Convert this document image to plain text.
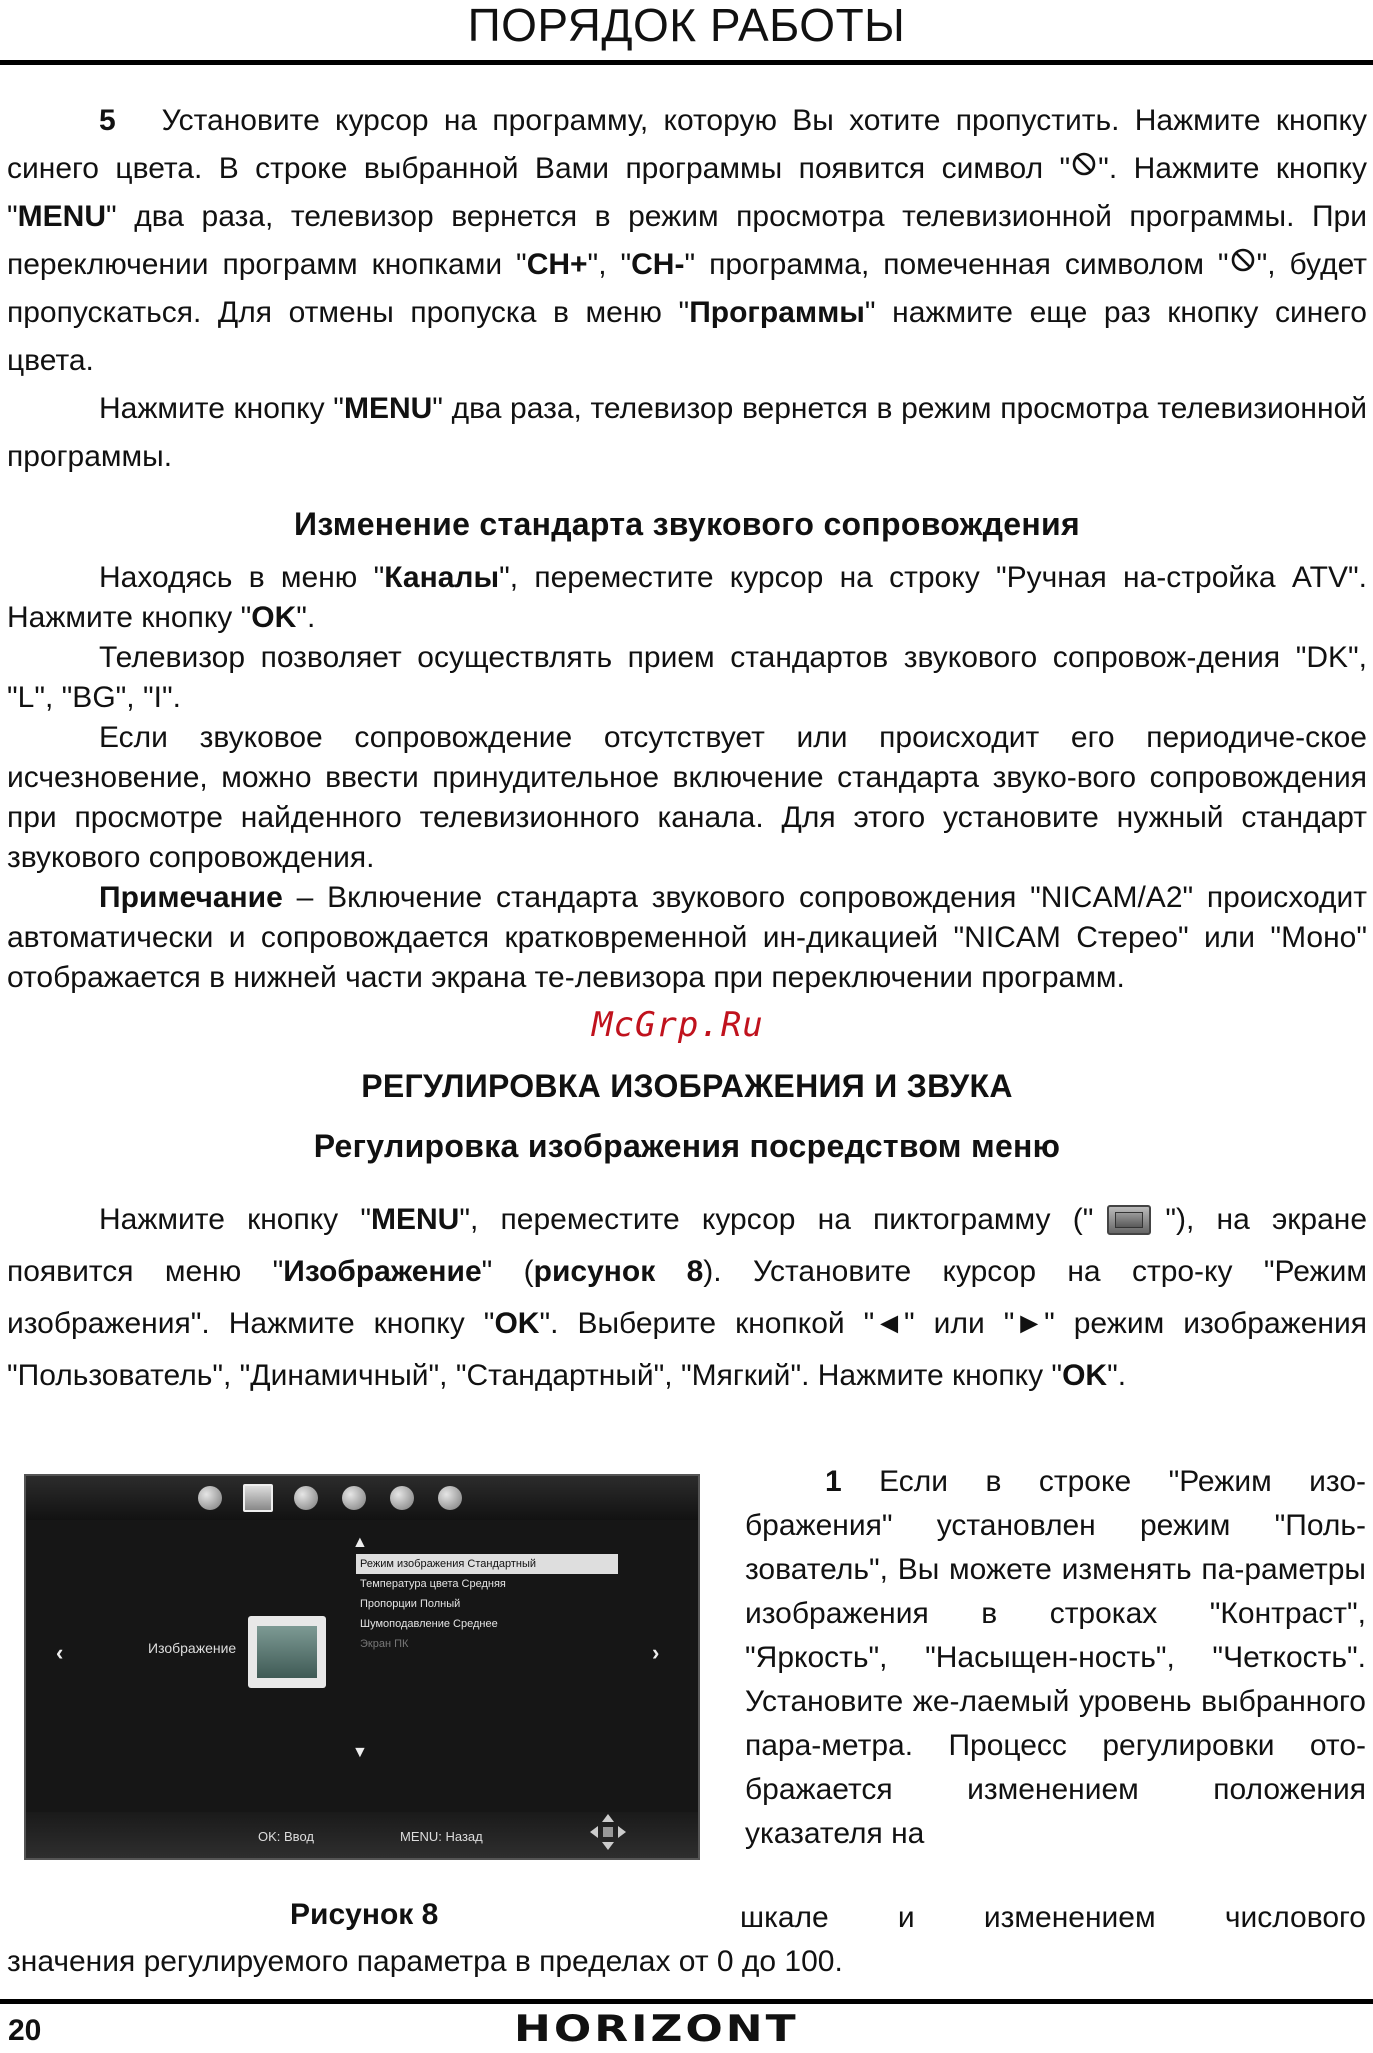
ПОРЯДОК РАБОТЫ

5 Установите курсор на программу, которую Вы хотите пропустить. Нажмите кнопку синего цвета. В строке выбранной Вами программы появится символ " ". Нажмите кнопку "MENU" два раза, телевизор вернется в режим просмотра телевизионной программы. При переключении программ кнопками "CH+", "CH-" программа, помеченная символом " ", будет пропускаться. Для отмены пропуска в меню "Программы" нажмите еще раз кнопку синего цвета.

Нажмите кнопку "MENU" два раза, телевизор вернется в режим просмотра телевизионной программы.

Изменение стандарта звукового сопровождения

Находясь в меню "Каналы", переместите курсор на строку "Ручная на-стройка ATV". Нажмите кнопку "OK".

Телевизор позволяет осуществлять прием стандартов звукового сопровож-дения "DK", "L", "BG", "I".

Если звуковое сопровождение отсутствует или происходит его периодиче-ское исчезновение, можно ввести принудительное включение стандарта звуко-вого сопровождения при просмотре найденного телевизионного канала. Для этого установите нужный стандарт звукового сопровождения.

Примечание – Включение стандарта звукового сопровождения "NICAM/A2" происходит автоматически и сопровождается кратковременной ин-дикацией "NICAM Стерео" или "Моно" отображается в нижней части экрана те-левизора при переключении программ.

McGrp.Ru

РЕГУЛИРОВКА ИЗОБРАЖЕНИЯ И ЗВУКА

Регулировка изображения посредством меню

Нажмите кнопку "MENU", переместите курсор на пиктограмму (" "), на экране появится меню "Изображение" (рисунок 8). Установите курсор на стро-ку "Режим изображения". Нажмите кнопку "OK". Выберите кнопкой "◄" или "►" режим изображения "Пользователь", "Динамичный", "Стандартный", "Мягкий". Нажмите кнопку "OK".

▲
‹	›
Изображение
Режим изображения Стандартный
Температура цвета Средняя
Пропорции Полный
Шумоподавление Среднее
Экран ПК
▼
OK: Ввод	MENU: Назад

1 Если в строке "Режим изо-бражения" установлен режим "Поль-зователь", Вы можете изменять па-раметры изображения в строках "Контраст", "Яркость", "Насыщен-ность", "Четкость". Установите же-лаемый уровень выбранного пара-метра. Процесс регулировки ото-бражается изменением положения указателя на

Рисунок 8	шкале и изменением числового
значения регулируемого параметра в пределах от 0 до 100.
20	HORIZONT
